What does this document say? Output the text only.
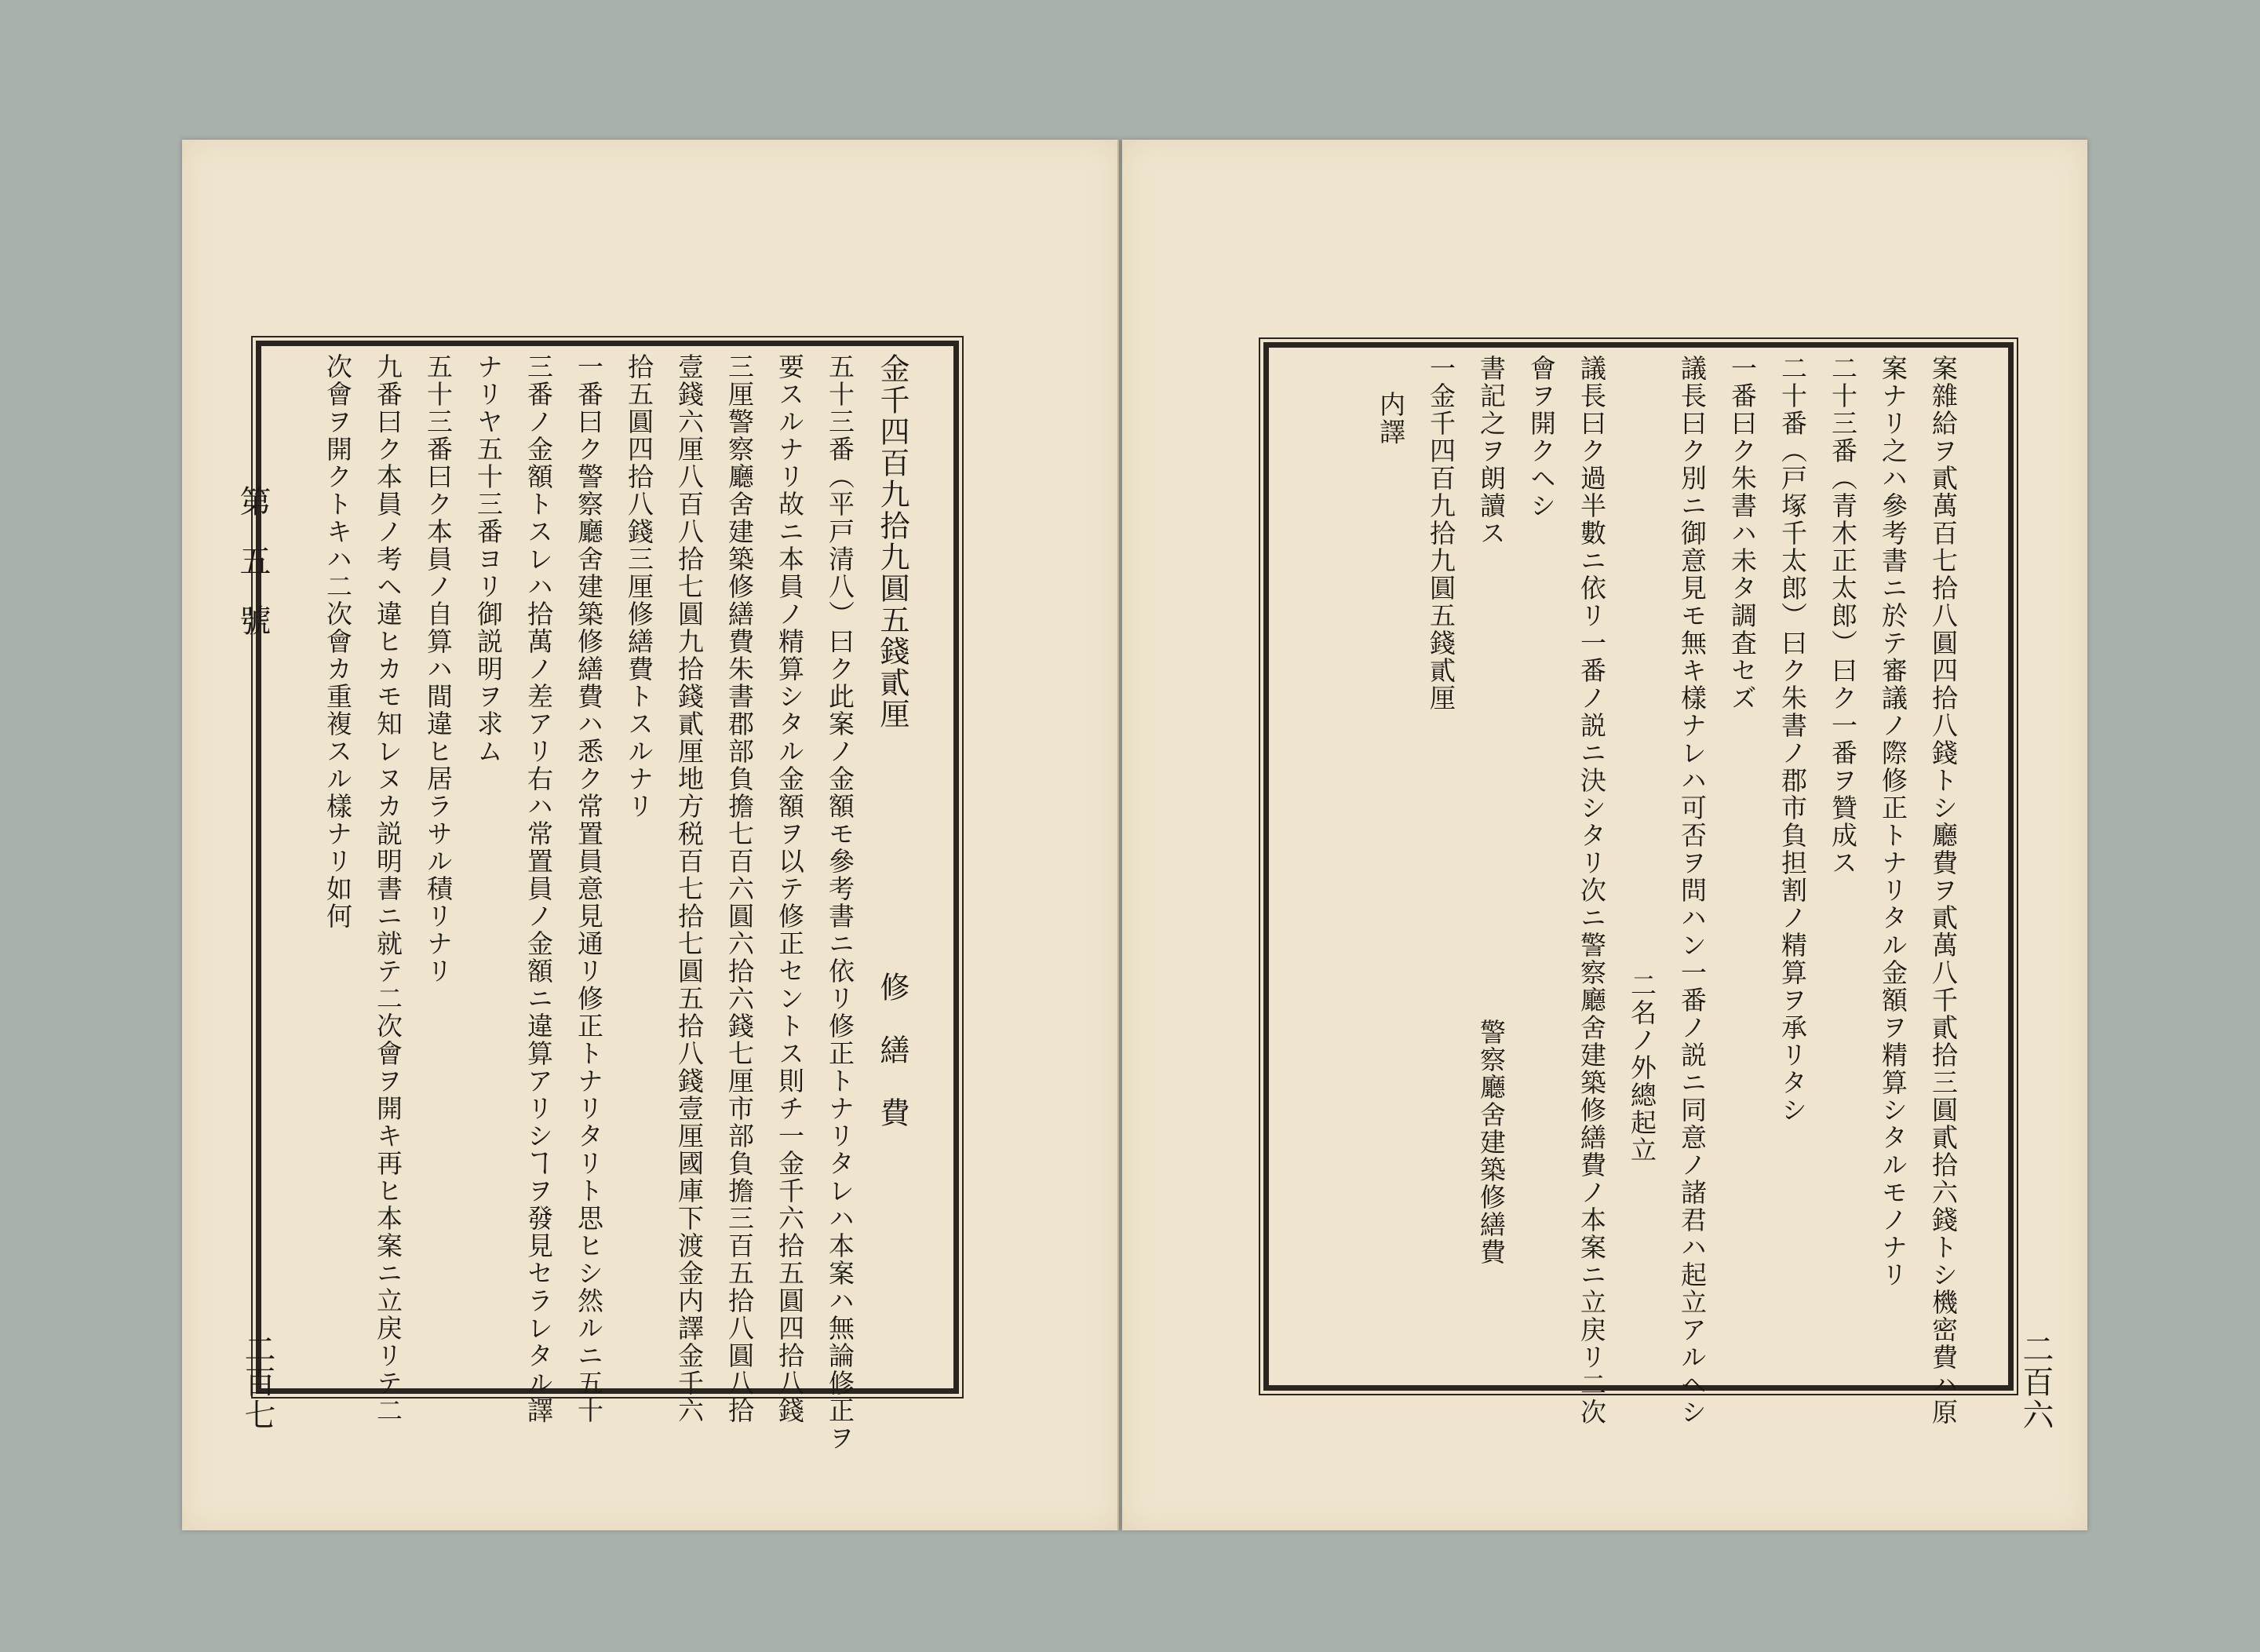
第五號
二百七
金千四百九拾九圓五錢貳厘
修　繕　費
五十三番（平戸清八）曰ク此案ノ金額モ參考書ニ依リ修正トナリタレハ本案ハ無論修正ヲ
要スルナリ故ニ本員ノ精算シタル金額ヲ以テ修正セントス則チ一金千六拾五圓四拾八錢
三厘警察廳舍建築修繕費朱書郡部負擔七百六圓六拾六錢七厘市部負擔三百五拾八圓八拾
壹錢六厘八百八拾七圓九拾錢貳厘地方税百七拾七圓五拾八錢壹厘國庫下渡金内譯金千六
拾五圓四拾八錢三厘修繕費トスルナリ
一番曰ク警察廳舍建築修繕費ハ悉ク常置員意見通リ修正トナリタリト思ヒシ然ルニ五十
三番ノ金額トスレハ拾萬ノ差アリ右ハ常置員ノ金額ニ違算アリシヿヲ發見セラレタル譯
ナリヤ五十三番ヨリ御説明ヲ求ム
五十三番曰ク本員ノ自算ハ間違ヒ居ラサル積リナリ
九番曰ク本員ノ考ヘ違ヒカモ知レヌカ説明書ニ就テ二次會ヲ開キ再ヒ本案ニ立戻リテ二
次會ヲ開クトキハ二次會カ重複スル樣ナリ如何
二百六
案雜給ヲ貳萬百七拾八圓四拾八錢トシ廳費ヲ貳萬八千貳拾三圓貳拾六錢トシ機密費ハ原
案ナリ之ハ參考書ニ於テ審議ノ際修正トナリタル金額ヲ精算シタルモノナリ
二十三番（青木正太郎）曰ク一番ヲ贊成ス
二十番（戸塚千太郎）曰ク朱書ノ郡市負担割ノ精算ヲ承リタシ
一番曰ク朱書ハ未タ調査セズ
議長曰ク別ニ御意見モ無キ樣ナレハ可否ヲ問ハン一番ノ説ニ同意ノ諸君ハ起立アルヘシ
二名ノ外總起立
議長曰ク過半數ニ依リ一番ノ説ニ決シタリ次ニ警察廳舍建築修繕費ノ本案ニ立戻リ二次
會ヲ開クヘシ
書記之ヲ朗讀ス
警察廳舍建築修繕費
一金千四百九拾九圓五錢貳厘
内譯
